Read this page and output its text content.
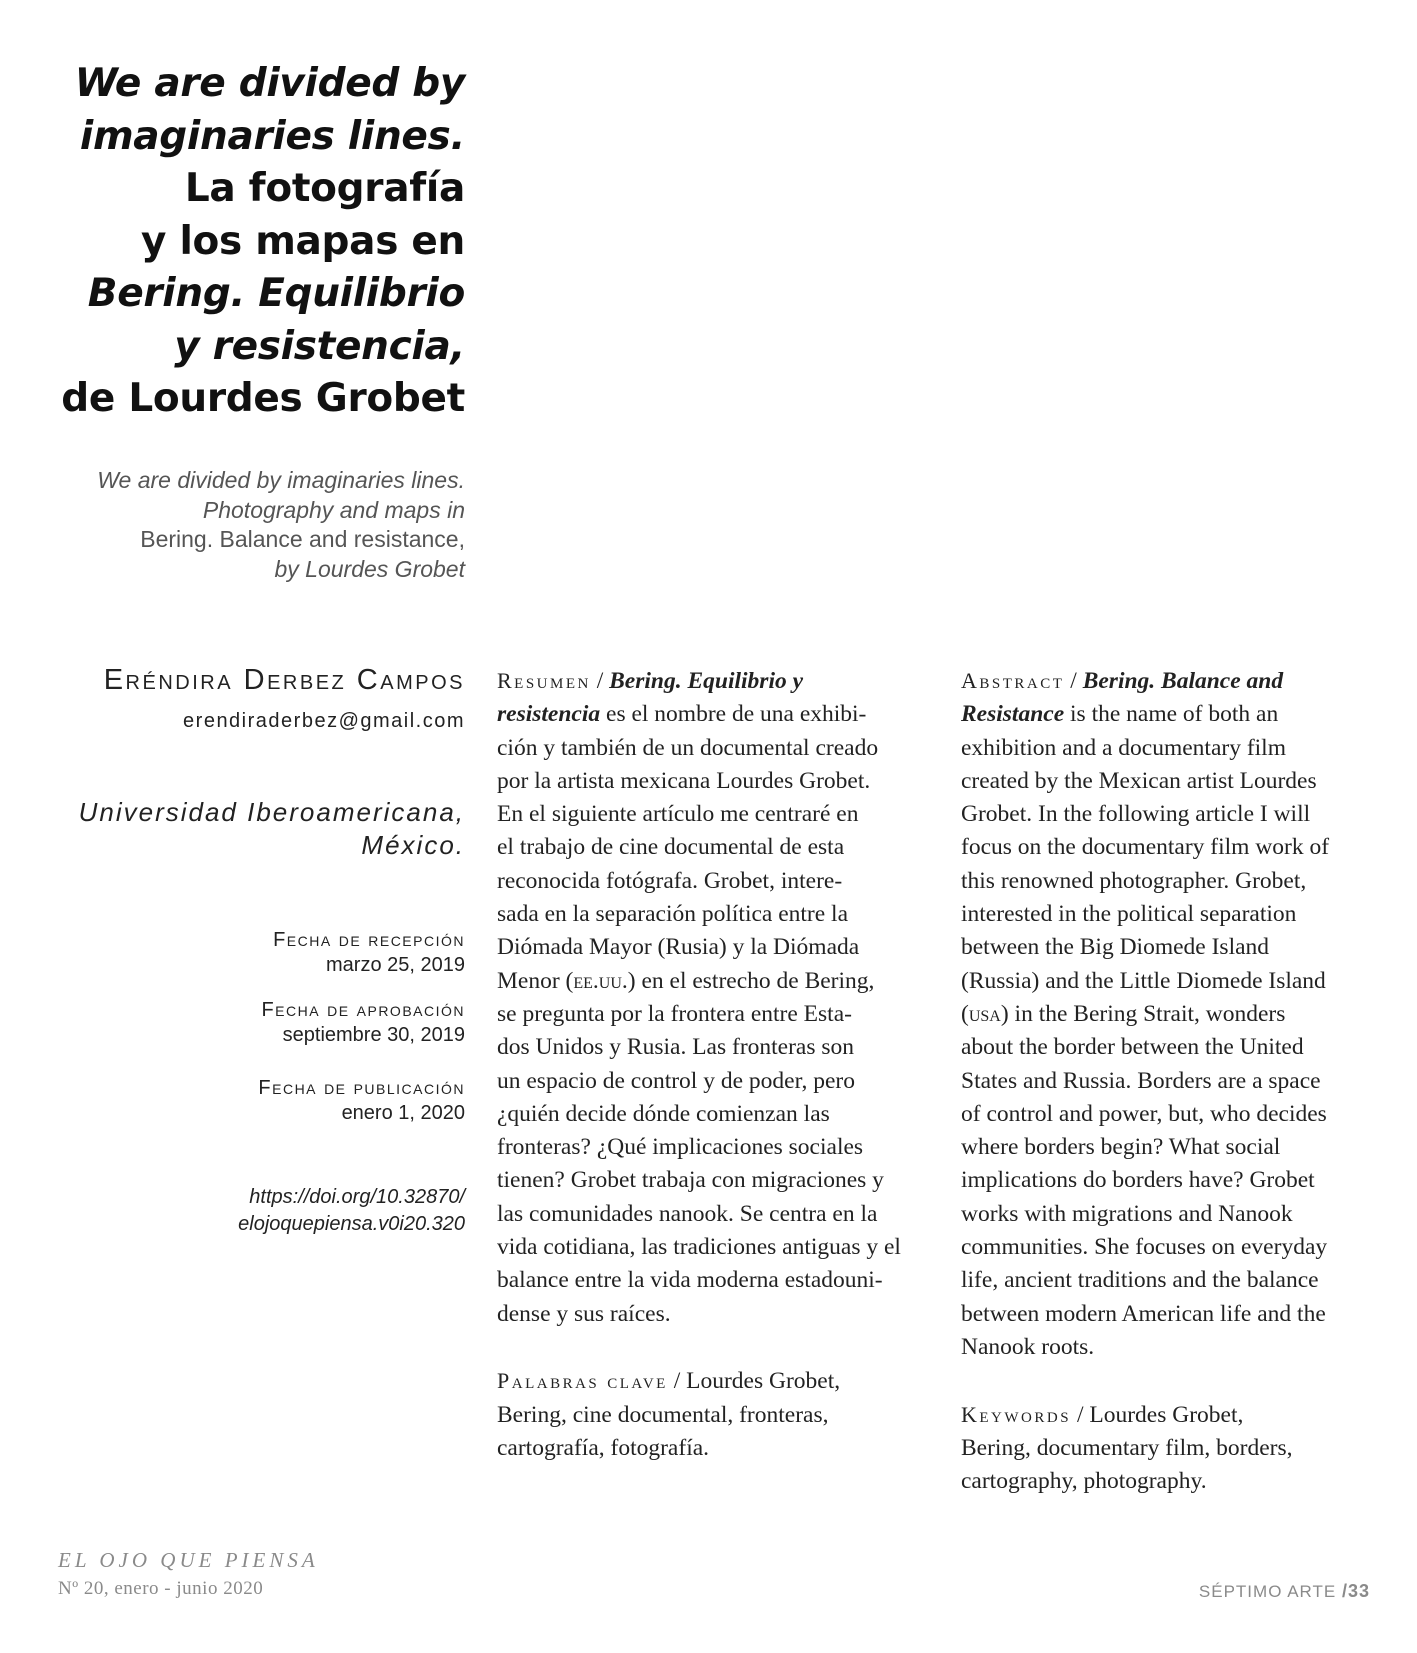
We are divided by
imaginaries lines.
La fotografía
y los mapas en
Bering. Equilibrio
y resistencia,
de Lourdes Grobet
We are divided by imaginaries lines.
Photography and maps in
Bering. Balance and resistance,
by Lourdes Grobet
Eréndira Derbez Campos
erendiraderbez@gmail.com
Universidad Iberoamericana,
México.
Fecha de recepción
marzo 25, 2019
Fecha de aprobación
septiembre 30, 2019
Fecha de publicación
enero 1, 2020
https://doi.org/10.32870/
elojoquepiensa.v0i20.320
Resumen / Bering. Equilibrio y
resistencia es el nombre de una exhibi-
ción y también de un documental creado
por la artista mexicana Lourdes Grobet.
En el siguiente artículo me centraré en
el trabajo de cine documental de esta
reconocida fotógrafa. Grobet, intere-
sada en la separación política entre la
Diómada Mayor (Rusia) y la Diómada
Menor (ee.uu.) en el estrecho de Bering,
se pregunta por la frontera entre Esta-
dos Unidos y Rusia. Las fronteras son
un espacio de control y de poder, pero
¿quién decide dónde comienzan las
fronteras? ¿Qué implicaciones sociales
tienen? Grobet trabaja con migraciones y
las comunidades nanook. Se centra en la
vida cotidiana, las tradiciones antiguas y el
balance entre la vida moderna estadouni-
dense y sus raíces.
Palabras clave / Lourdes Grobet,
Bering, cine documental, fronteras,
cartografía, fotografía.
Abstract / Bering. Balance and
Resistance is the name of both an
exhibition and a documentary film
created by the Mexican artist Lourdes
Grobet. In the following article I will
focus on the documentary film work of
this renowned photographer. Grobet,
interested in the political separation
between the Big Diomede Island
(Russia) and the Little Diomede Island
(usa) in the Bering Strait, wonders
about the border between the United
States and Russia. Borders are a space
of control and power, but, who decides
where borders begin? What social
implications do borders have? Grobet
works with migrations and Nanook
communities. She focuses on everyday
life, ancient traditions and the balance
between modern American life and the
Nanook roots.
Keywords / Lourdes Grobet,
Bering, documentary film, borders,
cartography, photography.
EL OJO QUE PIENSA
Nº 20, enero - junio 2020	SÉPTIMO ARTE /33
